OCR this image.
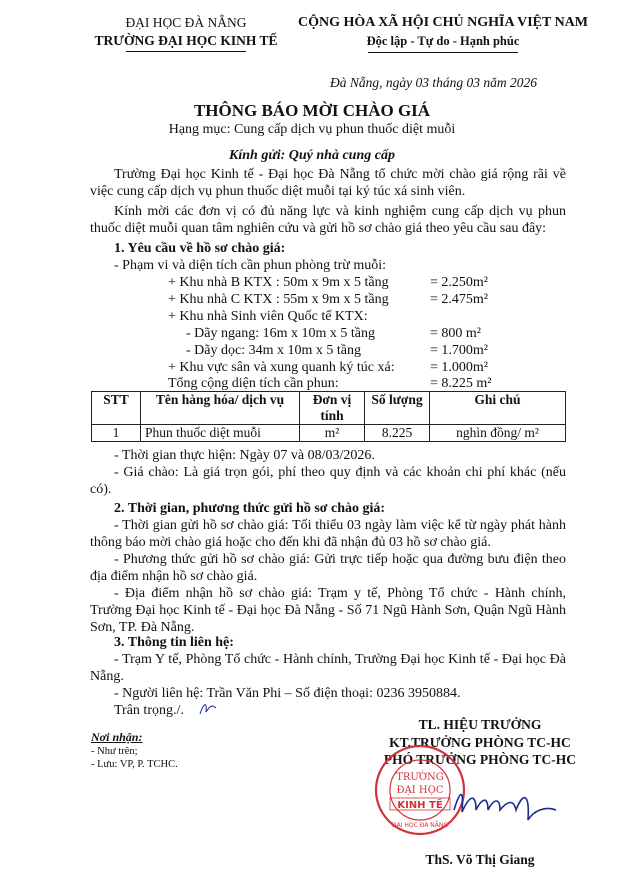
ĐẠI HỌC ĐÀ NẴNG
TRƯỜNG ĐẠI HỌC KINH TẾ
CỘNG HÒA XÃ HỘI CHỦ NGHĨA VIỆT NAM
Độc lập - Tự do - Hạnh phúc
Đà Nẵng, ngày 03 tháng 03 năm 2026
THÔNG BÁO MỜI CHÀO GIÁ
Hạng mục: Cung cấp dịch vụ phun thuốc diệt muỗi
Kính gửi: Quý nhà cung cấp
Trường Đại học Kinh tế - Đại học Đà Nẵng tổ chức mời chào giá rộng rãi về việc cung cấp dịch vụ phun thuốc diệt muỗi tại ký túc xá sinh viên.
Kính mời các đơn vị có đủ năng lực và kinh nghiệm cung cấp dịch vụ phun thuốc diệt muỗi quan tâm nghiên cứu và gửi hồ sơ chào giá theo yêu cầu sau đây:
1. Yêu cầu về hồ sơ chào giá:
- Phạm vi và diện tích cần phun phòng trừ muỗi:
+ Khu nhà B KTX : 50m x 9m x 5 tầng	= 2.250m²
+ Khu nhà C KTX : 55m x 9m x 5 tầng	= 2.475m²
+ Khu nhà Sinh viên Quốc tế KTX:
- Dãy ngang: 16m x 10m x 5 tầng	= 800 m²
- Dãy dọc: 34m x 10m x 5 tầng	= 1.700m²
+ Khu vực sân và xung quanh ký túc xá:	= 1.000m²
Tổng cộng diện tích cần phun:	= 8.225 m²
STT	Tên hàng hóa/ dịch vụ	Đơn vị tính	Số lượng	Ghi chú
1	Phun thuốc diệt muỗi	m²	8.225	nghìn đồng/ m²
- Thời gian thực hiện: Ngày 07 và 08/03/2026.
- Giá chào: Là giá trọn gói, phí theo quy định và các khoản chi phí khác (nếu có).
2. Thời gian, phương thức gửi hồ sơ chào giá:
- Thời gian gửi hồ sơ chào giá: Tối thiểu 03 ngày làm việc kể từ ngày phát hành thông báo mời chào giá hoặc cho đến khi đã nhận đủ 03 hồ sơ chào giá.
- Phương thức gửi hồ sơ chào giá: Gửi trực tiếp hoặc qua đường bưu điện theo địa điểm nhận hồ sơ chào giá.
- Địa điểm nhận hồ sơ chào giá: Trạm y tế, Phòng Tổ chức - Hành chính, Trường Đại học Kinh tế - Đại học Đà Nẵng - Số 71 Ngũ Hành Sơn, Quận Ngũ Hành Sơn, TP. Đà Nẵng.
3. Thông tin liên hệ:
- Trạm Y tế, Phòng Tổ chức - Hành chính, Trường Đại học Kinh tế - Đại học Đà Nẵng.
- Người liên hệ: Trần Văn Phi – Số điện thoại: 0236 3950884.
Trân trọng./.
Nơi nhận:
- Như trên;
- Lưu: VP, P. TCHC.
TL. HIỆU TRƯỞNG
KT.TRƯỞNG PHÒNG TC-HC
PHÓ TRƯỞNG PHÒNG TC-HC
TRƯỜNG
ĐẠI HỌC
KINH TẾ
ĐẠI HỌC ĐÀ NẴNG
ThS. Võ Thị Giang
